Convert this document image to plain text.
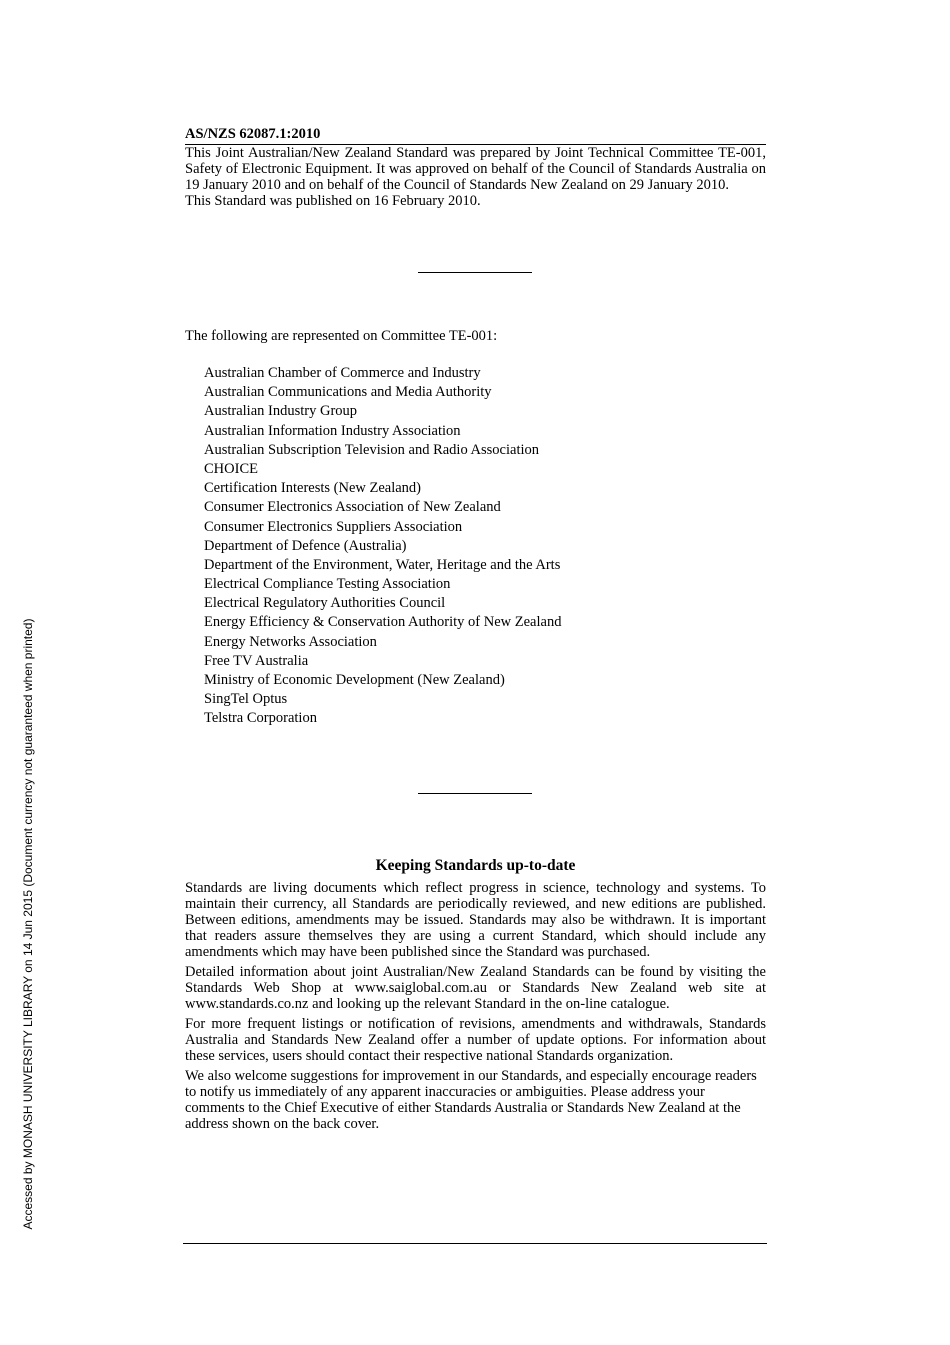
AS/NZS 62087.1:2010

This Joint Australian/New Zealand Standard was prepared by Joint Technical Committee TE-001, Safety of Electronic Equipment. It was approved on behalf of the Council of Standards Australia on 19 January 2010 and on behalf of the Council of Standards New Zealand on 29 January 2010.

This Standard was published on 16 February 2010.

The following are represented on Committee TE-001:

Australian Chamber of Commerce and Industry
Australian Communications and Media Authority
Australian Industry Group
Australian Information Industry Association
Australian Subscription Television and Radio Association
CHOICE
Certification Interests (New Zealand)
Consumer Electronics Association of New Zealand
Consumer Electronics Suppliers Association
Department of Defence (Australia)
Department of the Environment, Water, Heritage and the Arts
Electrical Compliance Testing Association
Electrical Regulatory Authorities Council
Energy Efficiency & Conservation Authority of New Zealand
Energy Networks Association
Free TV Australia
Ministry of Economic Development (New Zealand)
SingTel Optus
Telstra Corporation
Keeping Standards up-to-date

Standards are living documents which reflect progress in science, technology and systems. To maintain their currency, all Standards are periodically reviewed, and new editions are published. Between editions, amendments may be issued. Standards may also be withdrawn. It is important that readers assure themselves they are using a current Standard, which should include any amendments which may have been published since the Standard was purchased.

Detailed information about joint Australian/New Zealand Standards can be found by visiting the Standards Web Shop at www.saiglobal.com.au or Standards New Zealand web site at www.standards.co.nz and looking up the relevant Standard in the on-line catalogue.

For more frequent listings or notification of revisions, amendments and withdrawals, Standards Australia and Standards New Zealand offer a number of update options. For information about these services, users should contact their respective national Standards organization.

We also welcome suggestions for improvement in our Standards, and especially encourage readers to notify us immediately of any apparent inaccuracies or ambiguities. Please address your comments to the Chief Executive of either Standards Australia or Standards New Zealand at the address shown on the back cover.

Accessed by MONASH UNIVERSITY LIBRARY on 14 Jun 2015 (Document currency not guaranteed when printed)
